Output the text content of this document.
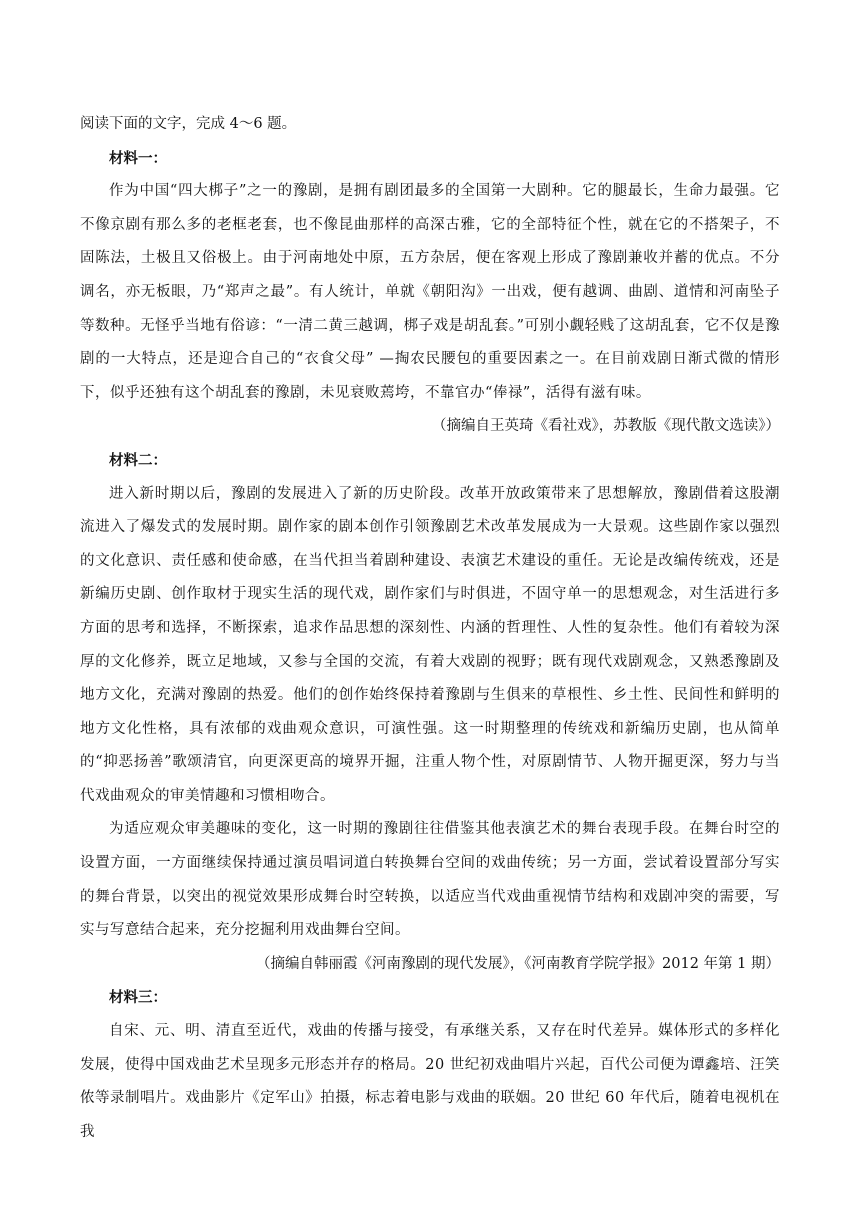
阅读下面的文字，完成 4～6 题。

材料一：

作为中国“四大梆子”之一的豫剧，是拥有剧团最多的全国第一大剧种。它的腿最长，生命力最强。它不像京剧有那么多的老框老套，也不像昆曲那样的高深古雅，它的全部特征个性，就在它的不搭架子，不固陈法，土极且又俗极上。由于河南地处中原，五方杂居，便在客观上形成了豫剧兼收并蓄的优点。不分调名，亦无板眼，乃“郑声之最”。有人统计，单就《朝阳沟》一出戏，便有越调、曲剧、道情和河南坠子等数种。无怪乎当地有俗谚：“一清二黄三越调，梆子戏是胡乱套。”可别小觑轻贱了这胡乱套，它不仅是豫剧的一大特点，还是迎合自己的“衣食父母” —掏农民腰包的重要因素之一。在目前戏剧日渐式微的情形下，似乎还独有这个胡乱套的豫剧，未见衰败蔫垮，不靠官办“俸禄”，活得有滋有味。

（摘编自王英琦《看社戏》，苏教版《现代散文选读》）

材料二：

进入新时期以后，豫剧的发展进入了新的历史阶段。改革开放政策带来了思想解放，豫剧借着这股潮流进入了爆发式的发展时期。剧作家的剧本创作引领豫剧艺术改革发展成为一大景观。这些剧作家以强烈的文化意识、责任感和使命感，在当代担当着剧种建设、表演艺术建设的重任。无论是改编传统戏，还是新编历史剧、创作取材于现实生活的现代戏，剧作家们与时俱进，不固守单一的思想观念，对生活进行多方面的思考和选择，不断探索，追求作品思想的深刻性、内涵的哲理性、人性的复杂性。他们有着较为深厚的文化修养，既立足地域，又参与全国的交流，有着大戏剧的视野；既有现代戏剧观念，又熟悉豫剧及地方文化，充满对豫剧的热爱。他们的创作始终保持着豫剧与生俱来的草根性、乡土性、民间性和鲜明的地方文化性格，具有浓郁的戏曲观众意识，可演性强。这一时期整理的传统戏和新编历史剧，也从简单的“抑恶扬善”歌颂清官，向更深更高的境界开掘，注重人物个性，对原剧情节、人物开掘更深，努力与当代戏曲观众的审美情趣和习惯相吻合。

为适应观众审美趣味的变化，这一时期的豫剧往往借鉴其他表演艺术的舞台表现手段。在舞台时空的设置方面，一方面继续保持通过演员唱词道白转换舞台空间的戏曲传统；另一方面，尝试着设置部分写实的舞台背景，以突出的视觉效果形成舞台时空转换，以适应当代戏曲重视情节结构和戏剧冲突的需要，写实与写意结合起来，充分挖掘利用戏曲舞台空间。

（摘编自韩丽霞《河南豫剧的现代发展》，《河南教育学院学报》2012 年第 1 期）

材料三：

自宋、元、明、清直至近代，戏曲的传播与接受，有承继关系，又存在时代差异。媒体形式的多样化发展，使得中国戏曲艺术呈现多元形态并存的格局。20 世纪初戏曲唱片兴起，百代公司便为谭鑫培、汪笑侬等录制唱片。戏曲影片《定军山》拍摄，标志着电影与戏曲的联姻。20 世纪 60 年代后，随着电视机在我
